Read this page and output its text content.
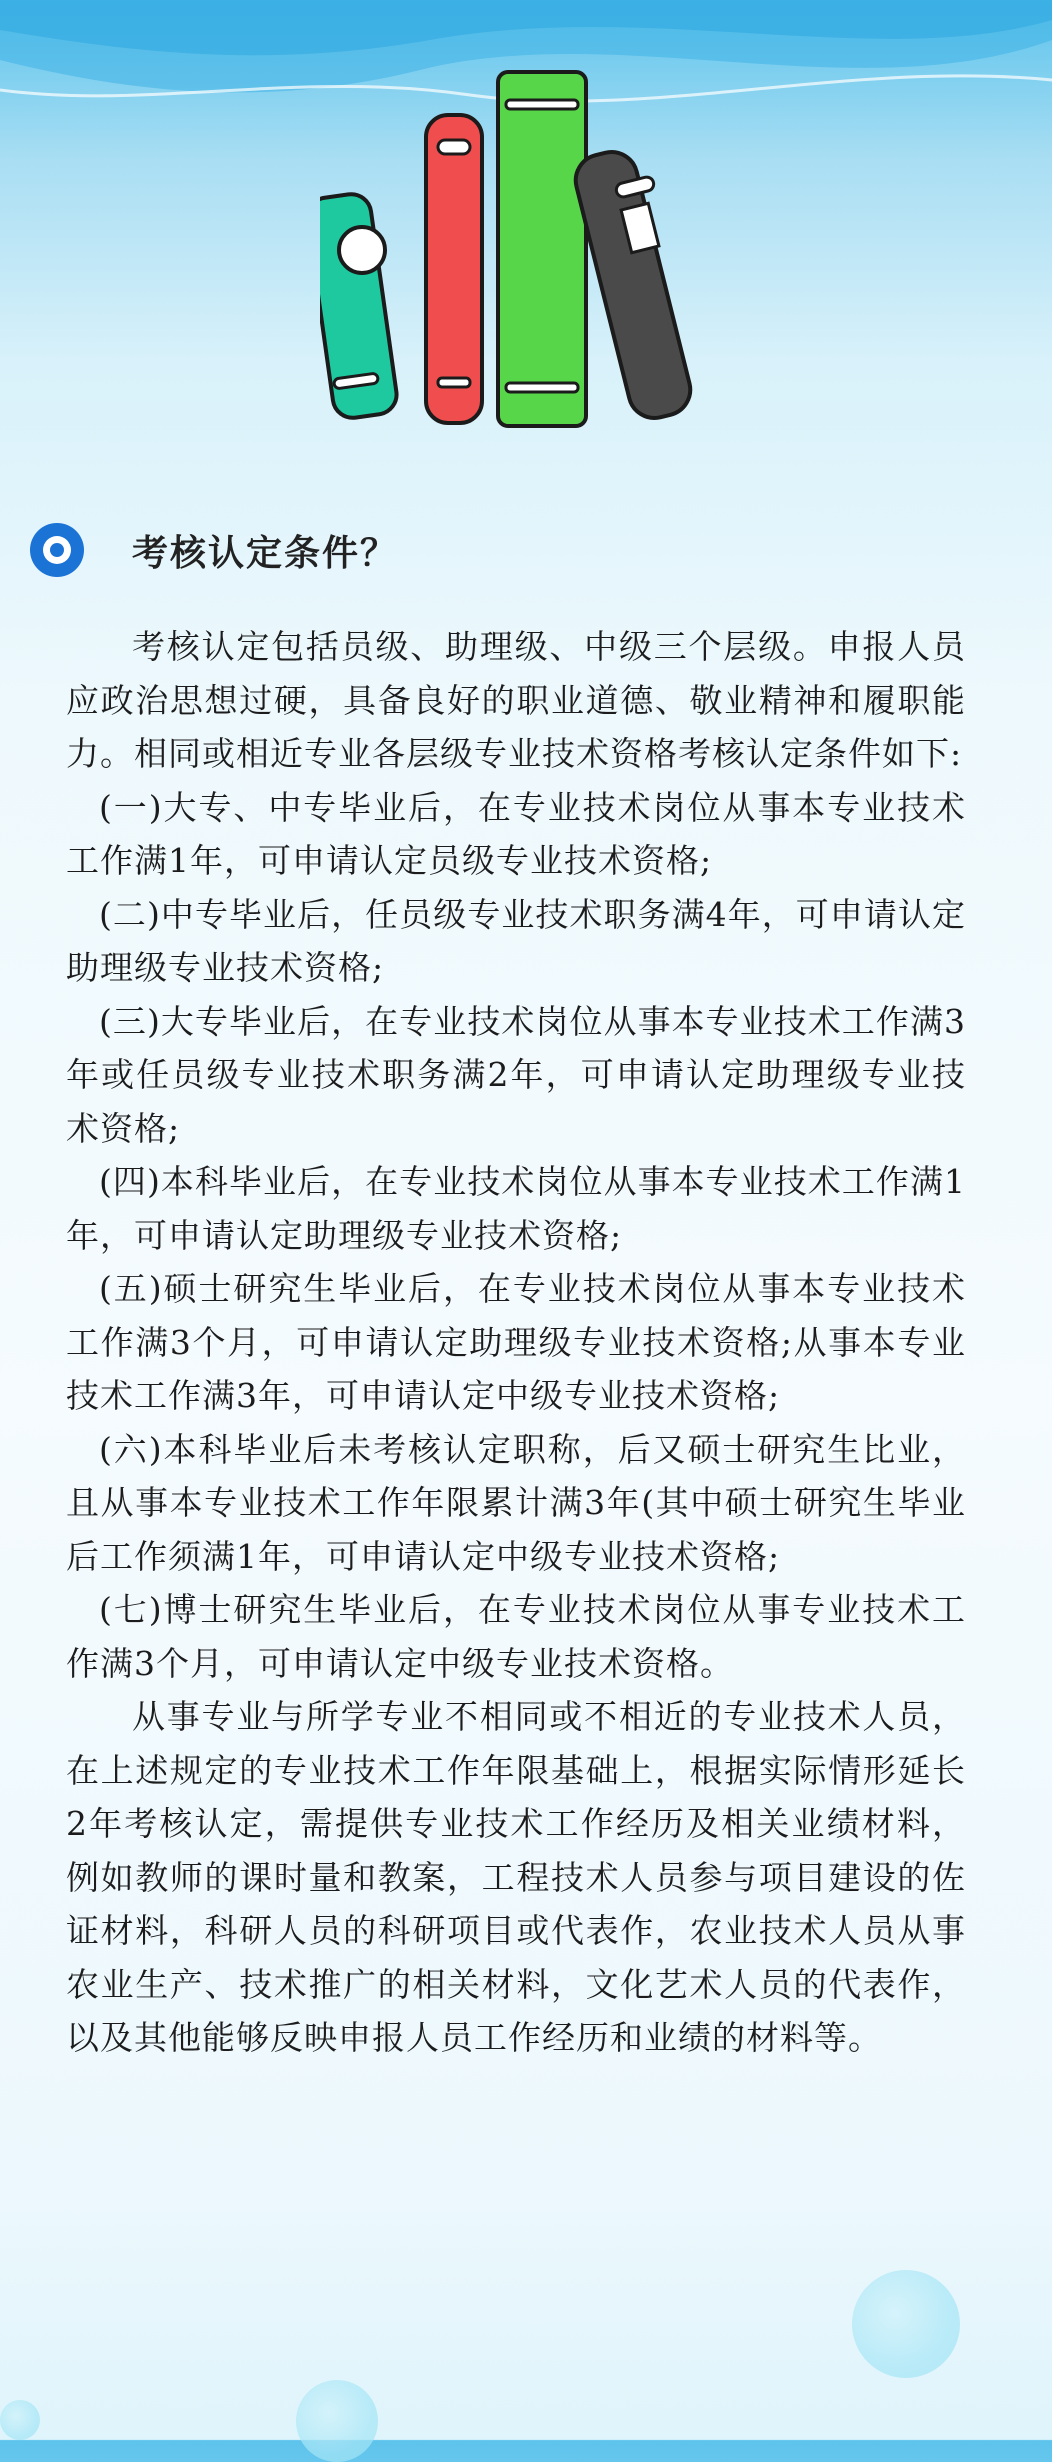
考核认定条件？

考核认定包括员级、助理级、中级三个层级。申报人员应政治思想过硬，具备良好的职业道德、敬业精神和履职能力。相同或相近专业各层级专业技术资格考核认定条件如下:

(一)大专、中专毕业后，在专业技术岗位从事本专业技术工作满1年，可申请认定员级专业技术资格;

(二)中专毕业后，任员级专业技术职务满4年，可申请认定助理级专业技术资格;

(三)大专毕业后，在专业技术岗位从事本专业技术工作满3年或任员级专业技术职务满2年，可申请认定助理级专业技术资格;

(四)本科毕业后，在专业技术岗位从事本专业技术工作满1年，可申请认定助理级专业技术资格;

(五)硕士研究生毕业后，在专业技术岗位从事本专业技术工作满3个月，可申请认定助理级专业技术资格;从事本专业技术工作满3年，可申请认定中级专业技术资格;

(六)本科毕业后未考核认定职称，后又硕士研究生比业，且从事本专业技术工作年限累计满3年(其中硕士研究生毕业后工作须满1年，可申请认定中级专业技术资格;

(七)博士研究生毕业后，在专业技术岗位从事专业技术工作满3个月，可申请认定中级专业技术资格。

从事专业与所学专业不相同或不相近的专业技术人员，在上述规定的专业技术工作年限基础上，根据实际情形延长2年考核认定，需提供专业技术工作经历及相关业绩材料，例如教师的课时量和教案，工程技术人员参与项目建设的佐证材料，科研人员的科研项目或代表作，农业技术人员从事农业生产、技术推广的相关材料，文化艺术人员的代表作，以及其他能够反映申报人员工作经历和业绩的材料等。
